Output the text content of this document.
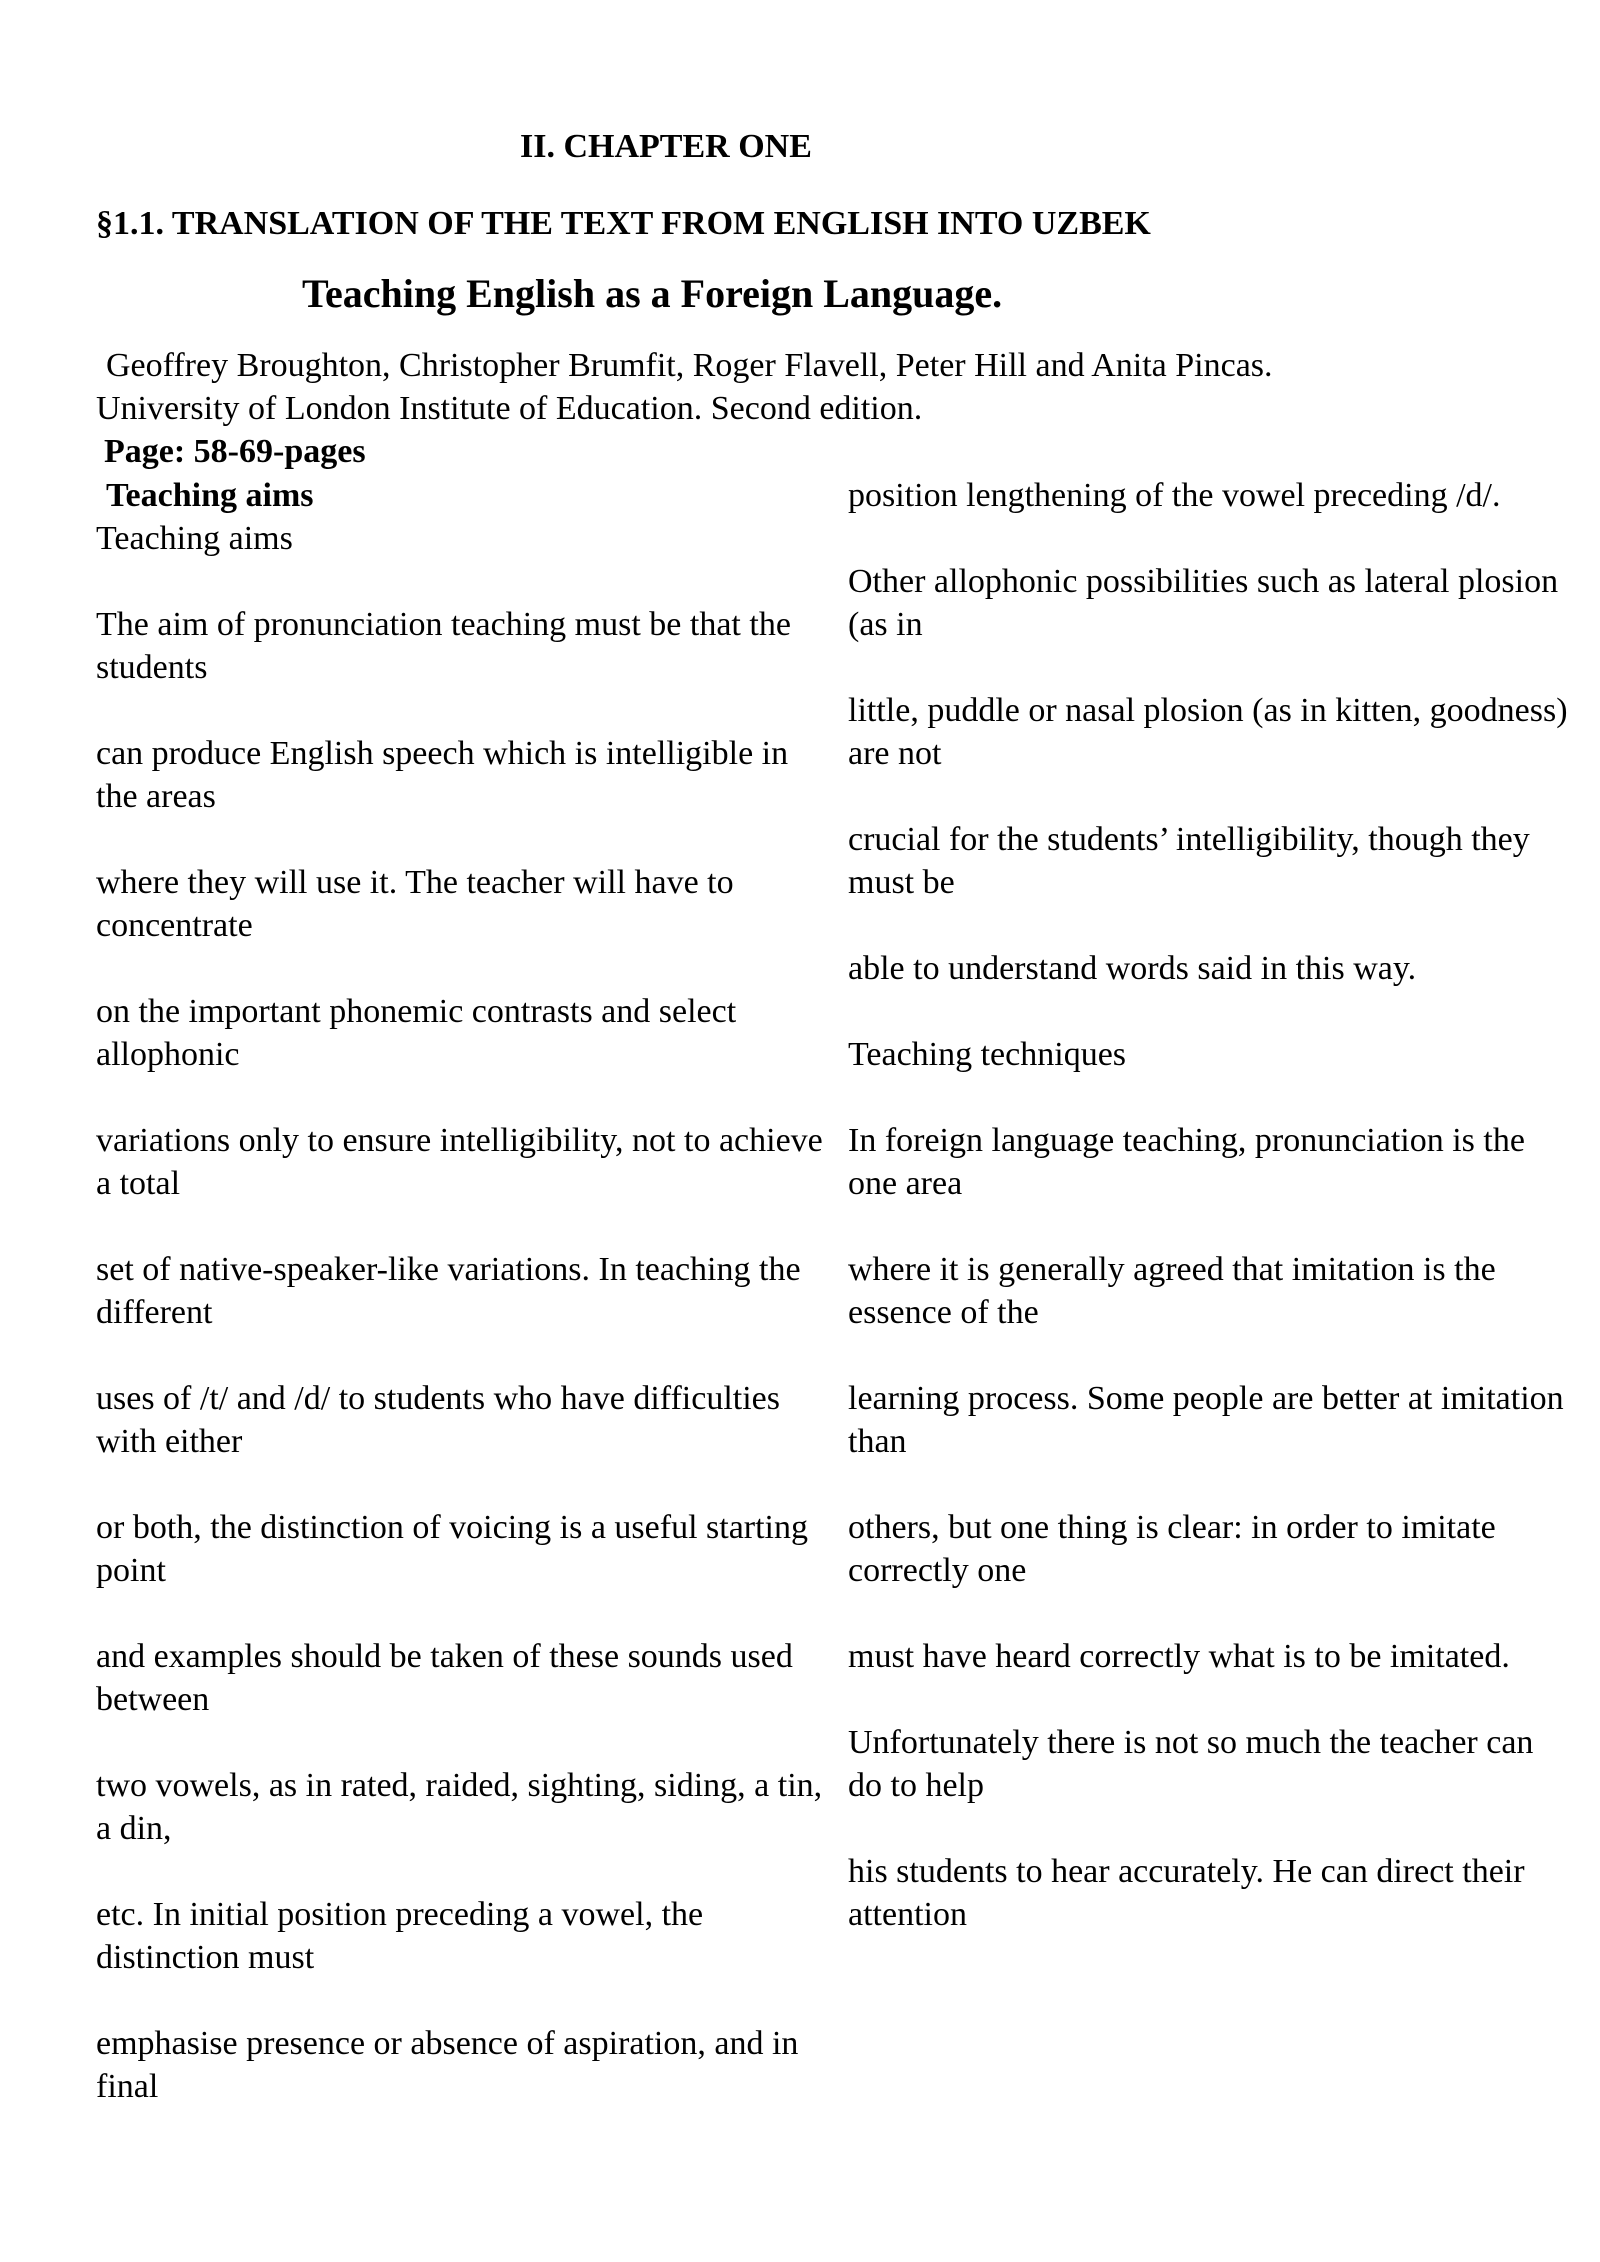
II. CHAPTER ONE
§1.1. TRANSLATION OF THE TEXT FROM ENGLISH INTO UZBEK
Teaching English as a Foreign Language.
Geoffrey Broughton, Christopher Brumfit, Roger Flavell, Peter Hill and Anita Pincas.
University of London Institute of Education. Second edition.
Page: 58-69-pages
Teaching aims

Teaching aims

The aim of pronunciation teaching must be that the students

can produce English speech which is intelligible in the areas

where they will use it. The teacher will have to concentrate

on the important phonemic contrasts and select allophonic

variations only to ensure intelligibility, not to achieve a total

set of native-speaker-like variations. In teaching the different

uses of /t/ and /d/ to students who have difficulties with either

or both, the distinction of voicing is a useful starting point

and examples should be taken of these sounds used between

two vowels, as in rated, raided, sighting, siding, a tin, a din,

etc. In initial position preceding a vowel, the distinction must

emphasise presence or absence of aspiration, and in final

position lengthening of the vowel preceding /d/.

Other allophonic possibilities such as lateral plosion (as in

little, puddle or nasal plosion (as in kitten, goodness) are not

crucial for the students’ intelligibility, though they must be

able to understand words said in this way.

Teaching techniques

In foreign language teaching, pronunciation is the one area

where it is generally agreed that imitation is the essence of the

learning process. Some people are better at imitation than

others, but one thing is clear: in order to imitate correctly one

must have heard correctly what is to be imitated.

Unfortunately there is not so much the teacher can do to help

his students to hear accurately. He can direct their attention
